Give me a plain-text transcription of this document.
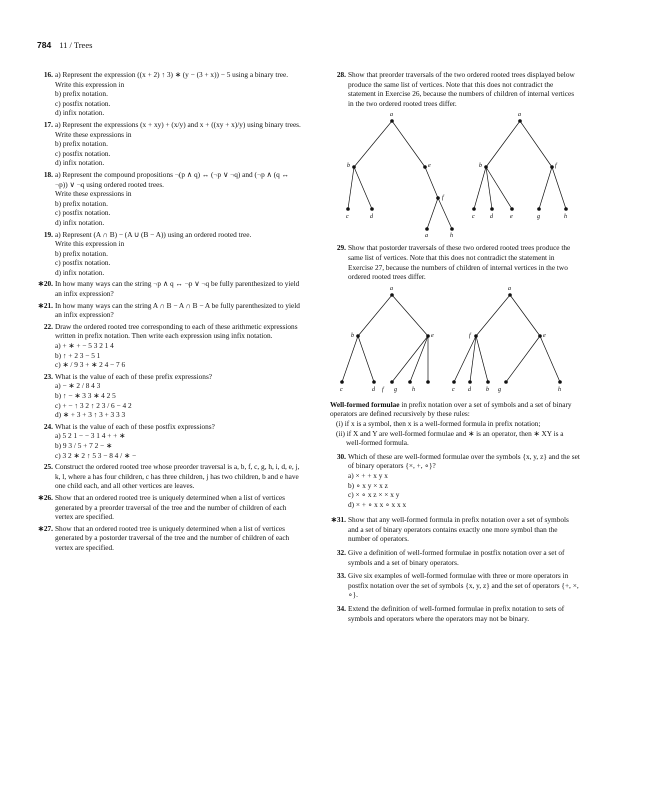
784 11 / Trees
16. a) Represent the expression ((x + 2) ↑ 3) ∗ (y − (3 + x)) − 5 using a binary tree.
Write this expression in
b) prefix notation.
c) postfix notation.
d) infix notation.
17. a) Represent the expressions (x + xy) + (x/y) and x + ((xy + x)/y) using binary trees.
Write these expressions in
b) prefix notation.
c) postfix notation.
d) infix notation.
18. a) Represent the compound propositions ¬(p ∧ q) ↔ (¬p ∨ ¬q) and (¬p ∧ (q ↔ ¬p)) ∨ ¬q using ordered rooted trees.
Write these expressions in
b) prefix notation.
c) postfix notation.
d) infix notation.
19. a) Represent (A ∩ B) − (A ∪ (B − A)) using an ordered rooted tree.
Write this expression in
b) prefix notation.
c) postfix notation.
d) infix notation.
∗20. In how many ways can the string ¬p ∧ q ↔ ¬p ∨ ¬q be fully parenthesized to yield an infix expression?
∗21. In how many ways can the string A ∩ B − A ∩ B − A be fully parenthesized to yield an infix expression?
22. Draw the ordered rooted tree corresponding to each of these arithmetic expressions written in prefix notation. Then write each expression using infix notation.
a) + ∗ + − 5 3 2 1 4
b) ↑ + 2 3 − 5 1
c) ∗ / 9 3 + ∗ 2 4 − 7 6
23. What is the value of each of these prefix expressions?
a) − ∗ 2 / 8 4 3
b) ↑ − ∗ 3 3 ∗ 4 2 5
c) + − ↑ 3 2 ↑ 2 3 / 6 − 4 2
d) ∗ + 3 + 3 ↑ 3 + 3 3 3
24. What is the value of each of these postfix expressions?
a) 5 2 1 − − 3 1 4 + + ∗
b) 9 3 / 5 + 7 2 − ∗
c) 3 2 ∗ 2 ↑ 5 3 − 8 4 / ∗ −
25. Construct the ordered rooted tree whose preorder traversal is a, b, f, c, g, h, i, d, e, j, k, l, where a has four children, c has three children, j has two children, b and e have one child each, and all other vertices are leaves.
∗26. Show that an ordered rooted tree is uniquely determined when a list of vertices generated by a preorder traversal of the tree and the number of children of each vertex are specified.
∗27. Show that an ordered rooted tree is uniquely determined when a list of vertices generated by a postorder traversal of the tree and the number of children of each vertex are specified.
28. Show that preorder traversals of the two ordered rooted trees displayed below produce the same list of vertices. Note that this does not contradict the statement in Exercise 26, because the numbers of children of internal vertices in the two ordered rooted trees differ.
a
b	e
c	d
f
g	h
a
b	f
c	d	e	g	h
29. Show that postorder traversals of these two ordered rooted trees produce the same list of vertices. Note that this does not contradict the statement in Exercise 27, because the numbers of children of internal vertices in the two ordered rooted trees differ.
a
b	e
c	d f g	h
a
f	e
c d	b g	h
Well-formed formulae in prefix notation over a set of symbols and a set of binary operators are defined recursively by these rules:
(i) if x is a symbol, then x is a well-formed formula in prefix notation;
(ii) if X and Y are well-formed formulae and ∗ is an operator, then ∗ XY is a well-formed formula.
30. Which of these are well-formed formulae over the symbols {x, y, z} and the set of binary operators {×, +, ∘}?
a) × + + x y x
b) ∘ x y × x z
c) × ∘ x z × × x y
d) × + ∘ x x ∘ x x x
∗31. Show that any well-formed formula in prefix notation over a set of symbols and a set of binary operators contains exactly one more symbol than the number of operators.
32. Give a definition of well-formed formulae in postfix notation over a set of symbols and a set of binary operators.
33. Give six examples of well-formed formulae with three or more operators in postfix notation over the set of symbols {x, y, z} and the set of operators {+, ×, ∘}.
34. Extend the definition of well-formed formulae in prefix notation to sets of symbols and operators where the operators may not be binary.
